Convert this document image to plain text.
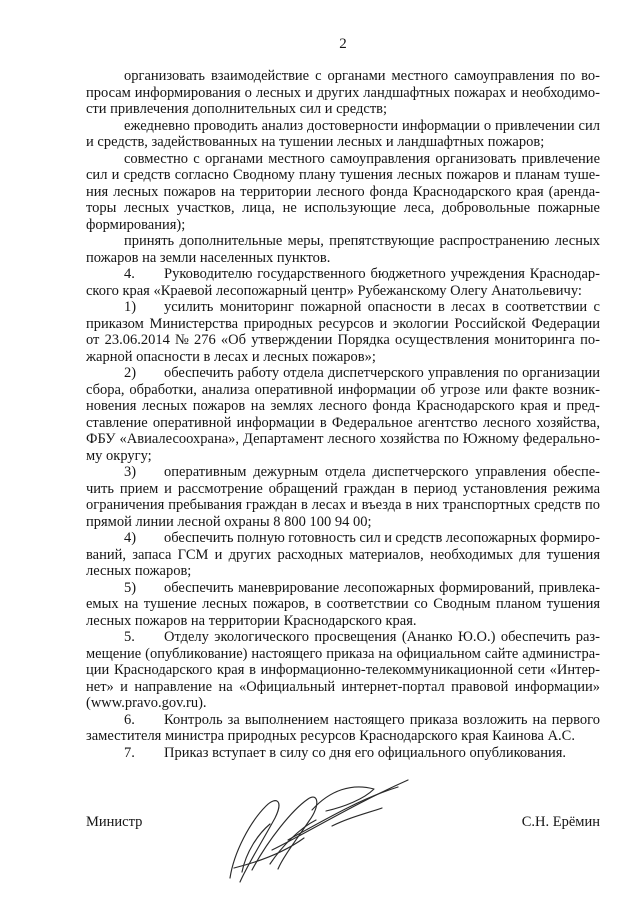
2
организовать взаимодействие с органами местного самоуправления по во-
просам информирования о лесных и других ландшафтных пожарах и необходимо-
сти привлечения дополнительных сил и средств;
ежедневно проводить анализ достоверности информации о привлечении сил
и средств, задействованных на тушении лесных и ландшафтных пожаров;
совместно с органами местного самоуправления организовать привлечение
сил и средств согласно Сводному плану тушения лесных пожаров и планам туше-
ния лесных пожаров на территории лесного фонда Краснодарского края (аренда-
торы лесных участков, лица, не использующие леса, добровольные пожарные
формирования);
принять дополнительные меры, препятствующие распространению лесных
пожаров на земли населенных пунктов.
4. Руководителю государственного бюджетного учреждения Краснодар-
ского края «Краевой лесопожарный центр» Рубежанскому Олегу Анатольевичу:
1) усилить мониторинг пожарной опасности в лесах в соответствии с
приказом Министерства природных ресурсов и экологии Российской Федерации
от 23.06.2014 № 276 «Об утверждении Порядка осуществления мониторинга по-
жарной опасности в лесах и лесных пожаров»;
2) обеспечить работу отдела диспетчерского управления по организации
сбора, обработки, анализа оперативной информации об угрозе или факте возник-
новения лесных пожаров на землях лесного фонда Краснодарского края и пред-
ставление оперативной информации в Федеральное агентство лесного хозяйства,
ФБУ «Авиалесоохрана», Департамент лесного хозяйства по Южному федерально-
му округу;
3) оперативным дежурным отдела диспетчерского управления обеспе-
чить прием и рассмотрение обращений граждан в период установления режима
ограничения пребывания граждан в лесах и въезда в них транспортных средств по
прямой линии лесной охраны 8 800 100 94 00;
4) обеспечить полную готовность сил и средств лесопожарных формиро-
ваний, запаса ГСМ и других расходных материалов, необходимых для тушения
лесных пожаров;
5) обеспечить маневрирование лесопожарных формирований, привлека-
емых на тушение лесных пожаров, в соответствии со Сводным планом тушения
лесных пожаров на территории Краснодарского края.
5. Отделу экологического просвещения (Ананко Ю.О.) обеспечить раз-
мещение (опубликование) настоящего приказа на официальном сайте администра-
ции Краснодарского края в информационно-телекоммуникационной сети «Интер-
нет» и направление на «Официальный интернет-портал правовой информации»
(www.pravo.gov.ru).
6. Контроль за выполнением настоящего приказа возложить на первого
заместителя министра природных ресурсов Краснодарского края Каинова А.С.
7. Приказ вступает в силу со дня его официального опубликования.
Министр	С.Н. Ерёмин
